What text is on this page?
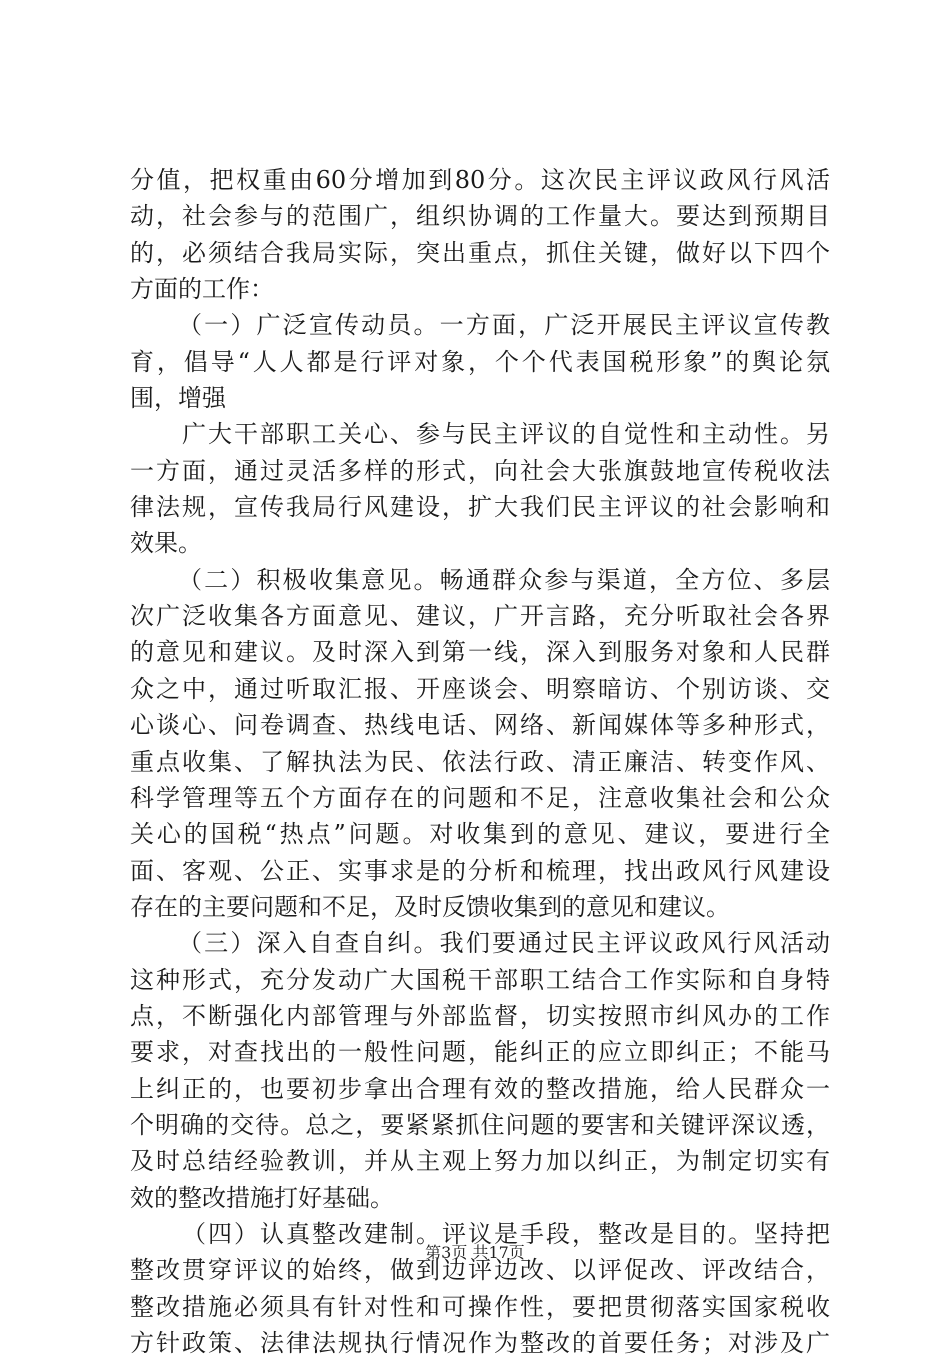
分值，把权重由60分增加到80分。这次民主评议政风行风活
动，社会参与的范围广，组织协调的工作量大。要达到预期目
的，必须结合我局实际，突出重点，抓住关键，做好以下四个
方面的工作：
（一）广泛宣传动员。一方面，广泛开展民主评议宣传教
育，倡导“人人都是行评对象，个个代表国税形象”的舆论氛
围，增强
广大干部职工关心、参与民主评议的自觉性和主动性。另
一方面，通过灵活多样的形式，向社会大张旗鼓地宣传税收法
律法规，宣传我局行风建设，扩大我们民主评议的社会影响和
效果。
（二）积极收集意见。畅通群众参与渠道，全方位、多层
次广泛收集各方面意见、建议，广开言路，充分听取社会各界
的意见和建议。及时深入到第一线，深入到服务对象和人民群
众之中，通过听取汇报、开座谈会、明察暗访、个别访谈、交
心谈心、问卷调查、热线电话、网络、新闻媒体等多种形式，
重点收集、了解执法为民、依法行政、清正廉洁、转变作风、
科学管理等五个方面存在的问题和不足，注意收集社会和公众
关心的国税“热点”问题。对收集到的意见、建议，要进行全
面、客观、公正、实事求是的分析和梳理，找出政风行风建设
存在的主要问题和不足，及时反馈收集到的意见和建议。
（三）深入自查自纠。我们要通过民主评议政风行风活动
这种形式，充分发动广大国税干部职工结合工作实际和自身特
点，不断强化内部管理与外部监督，切实按照市纠风办的工作
要求，对查找出的一般性问题，能纠正的应立即纠正；不能马
上纠正的，也要初步拿出合理有效的整改措施，给人民群众一
个明确的交待。总之，要紧紧抓住问题的要害和关键评深议透，
及时总结经验教训，并从主观上努力加以纠正，为制定切实有
效的整改措施打好基础。
（四）认真整改建制。评议是手段，整改是目的。坚持把
整改贯穿评议的始终，做到边评边改、以评促改、评改结合，
整改措施必须具有针对性和可操作性，要把贯彻落实国家税收
方针政策、法律法规执行情况作为整改的首要任务；对涉及广
第3页 共17页
